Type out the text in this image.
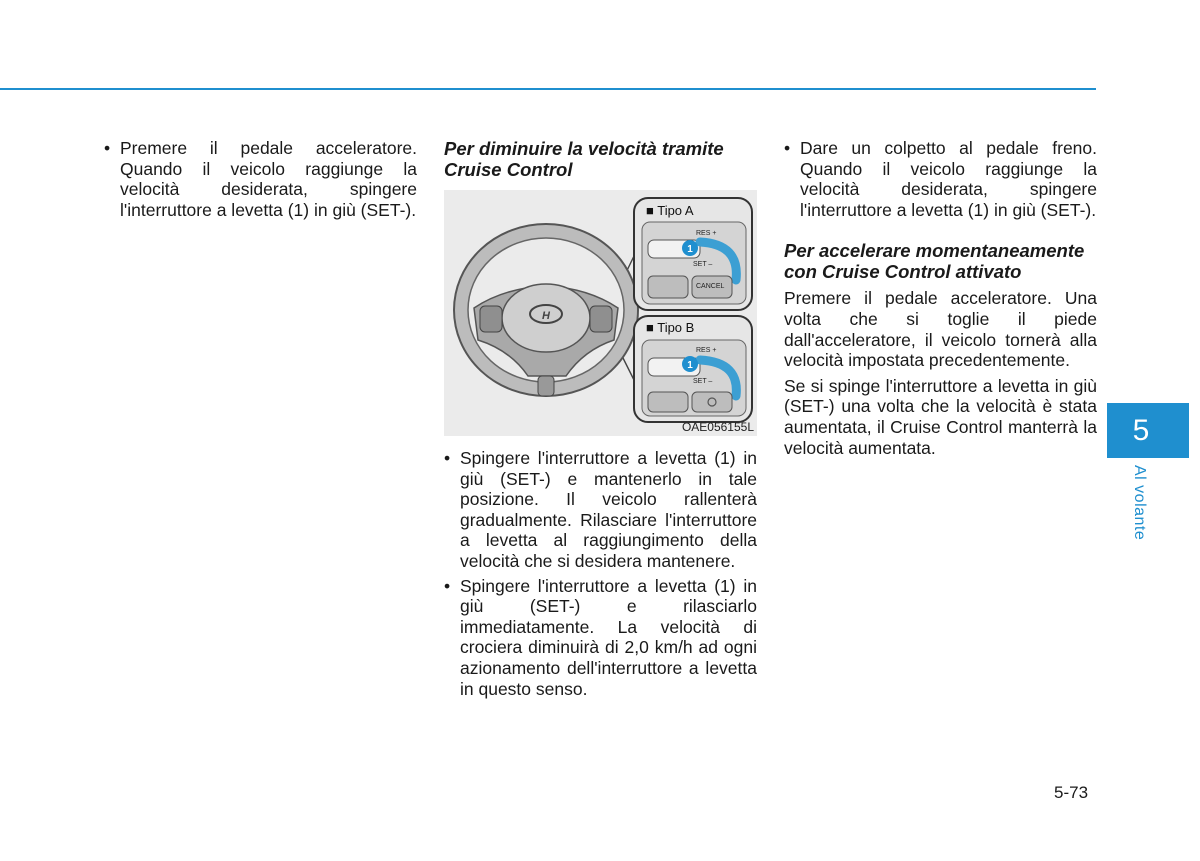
• Premere il pedale acceleratore. Quando il veicolo raggiunge la velocità desiderata, spingere l'interruttore a levetta (1) in giù (SET-).

Per diminuire la velocità tramite Cruise Control

H
■ Tipo A
RES +
SET –
CANCEL
1
■ Tipo B
RES +
SET –
1
OAE056155L

• Spingere l'interruttore a levetta (1) in giù (SET-) e mantenerlo in tale posizione. Il veicolo rallenterà gradualmente. Rilasciare l'interruttore a levetta al raggiungimento della velocità che si desidera mantenere.

• Spingere l'interruttore a levetta (1) in giù (SET-) e rilasciarlo immediatamente. La velocità di crociera diminuirà di 2,0 km/h ad ogni azionamento dell'interruttore a levetta in questo senso.

• Dare un colpetto al pedale freno. Quando il veicolo raggiunge la velocità desiderata, spingere l'interruttore a levetta (1) in giù (SET-).

Per accelerare momentaneamente con Cruise Control attivato

Premere il pedale acceleratore. Una volta che si toglie il piede dall'acceleratore, il veicolo tornerà alla velocità impostata precedentemente.

Se si spinge l'interruttore a levetta in giù (SET-) una volta che la velocità è stata aumentata, il Cruise Control manterrà la velocità aumentata.

5
Al volante
5-73
